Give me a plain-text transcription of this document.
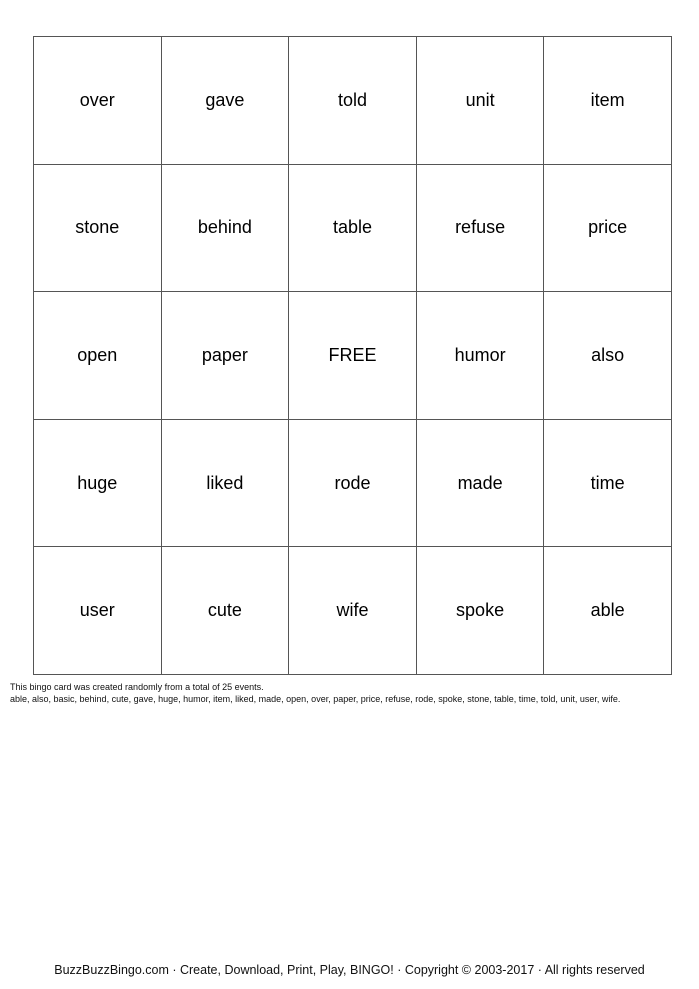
over	gave	told	unit	item
stone	behind	table	refuse	price
open	paper	FREE	humor	also
huge	liked	rode	made	time
user	cute	wife	spoke	able
This bingo card was created randomly from a total of 25 events.
able, also, basic, behind, cute, gave, huge, humor, item, liked, made, open, over, paper, price, refuse, rode, spoke, stone, table, time, told, unit, user, wife.
BuzzBuzzBingo.com · Create, Download, Print, Play, BINGO! · Copyright © 2003-2017 · All rights reserved
